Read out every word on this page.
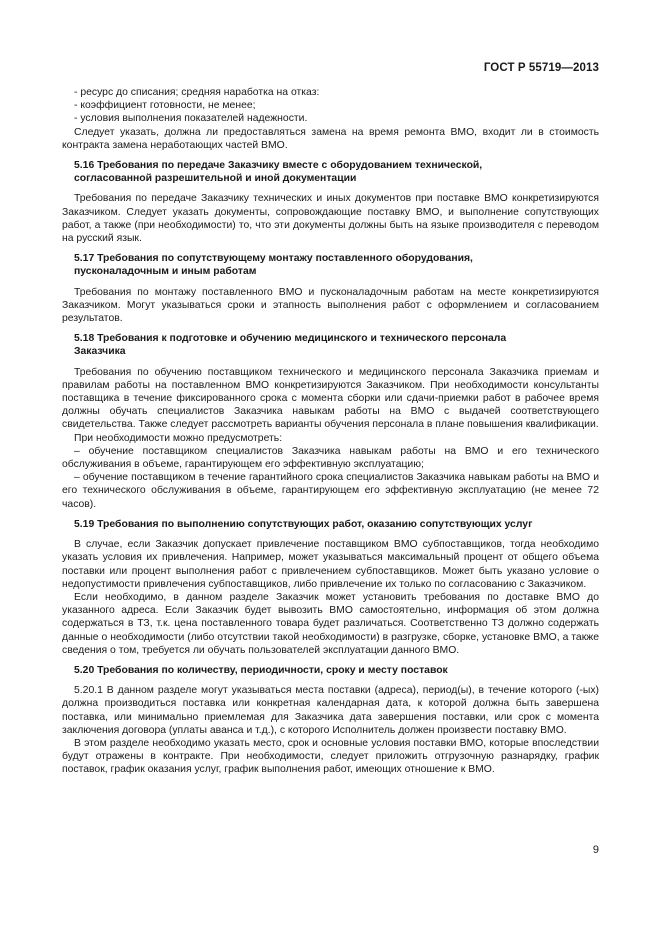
ГОСТ Р 55719—2013

- ресурс до списания; средняя наработка на отказ:

- коэффициент готовности, не менее;

- условия выполнения показателей надежности.

Следует указать, должна ли предоставляться замена на время ремонта ВМО, входит ли в стоимость контракта замена неработающих частей ВМО.

5.16 Требования по передаче Заказчику вместе с оборудованием технической,
согласованной разрешительной и иной документации

Требования по передаче Заказчику технических и иных документов при поставке ВМО конкретизируются Заказчиком. Следует указать документы, сопровождающие поставку ВМО, и выполнение сопутствующих работ, а также (при необходимости) то, что эти документы должны быть на языке производителя с переводом на русский язык.

5.17 Требования по сопутствующему монтажу поставленного оборудования,
пусконаладочным и иным работам

Требования по монтажу поставленного ВМО и пусконаладочным работам на месте конкретизируются Заказчиком. Могут указываться сроки и этапность выполнения работ с оформлением и согласованием результатов.

5.18 Требования к подготовке и обучению медицинского и технического персонала
Заказчика

Требования по обучению поставщиком технического и медицинского персонала Заказчика приемам и правилам работы на поставленном ВМО конкретизируются Заказчиком. При необходимости консультанты поставщика в течение фиксированного срока с момента сборки или сдачи-приемки работ в рабочее время должны обучать специалистов Заказчика навыкам работы на ВМО с выдачей соответствующего свидетельства. Также следует рассмотреть варианты обучения персонала в плане повышения квалификации.

При необходимости можно предусмотреть:

– обучение поставщиком специалистов Заказчика навыкам работы на ВМО и его технического обслуживания в объеме, гарантирующем его эффективную эксплуатацию;

– обучение поставщиком в течение гарантийного срока специалистов Заказчика навыкам работы на ВМО и его технического обслуживания в объеме, гарантирующем его эффективную эксплуатацию (не менее 72 часов).

5.19 Требования по выполнению сопутствующих работ, оказанию сопутствующих услуг

В случае, если Заказчик допускает привлечение поставщиком ВМО субпоставщиков, тогда необходимо указать условия их привлечения. Например, может указываться максимальный процент от общего объема поставки или процент выполнения работ с привлечением субпоставщиков. Может быть указано условие о недопустимости привлечения субпоставщиков, либо привлечение их только по согласованию с Заказчиком.

Если необходимо, в данном разделе Заказчик может установить требования по доставке ВМО до указанного адреса. Если Заказчик будет вывозить ВМО самостоятельно, информация об этом должна содержаться в ТЗ, т.к. цена поставленного товара будет различаться. Соответственно ТЗ должно содержать данные о необходимости (либо отсутствии такой необходимости) в разгрузке, сборке, установке ВМО, а также сведения о том, требуется ли обучать пользователей эксплуатации данного ВМО.

5.20 Требования по количеству, периодичности, сроку и месту поставок

5.20.1 В данном разделе могут указываться места поставки (адреса), период(ы), в течение которого (-ых) должна производиться поставка или конкретная календарная дата, к которой должна быть завершена поставка, или минимально приемлемая для Заказчика дата завершения поставки, или срок с момента заключения договора (уплаты аванса и т.д.), с которого Исполнитель должен произвести поставку ВМО.

В этом разделе необходимо указать место, срок и основные условия поставки ВМО, которые впоследствии будут отражены в контракте. При необходимости, следует приложить отгрузочную разнарядку, график поставок, график оказания услуг, график выполнения работ, имеющих отношение к ВМО.

9
